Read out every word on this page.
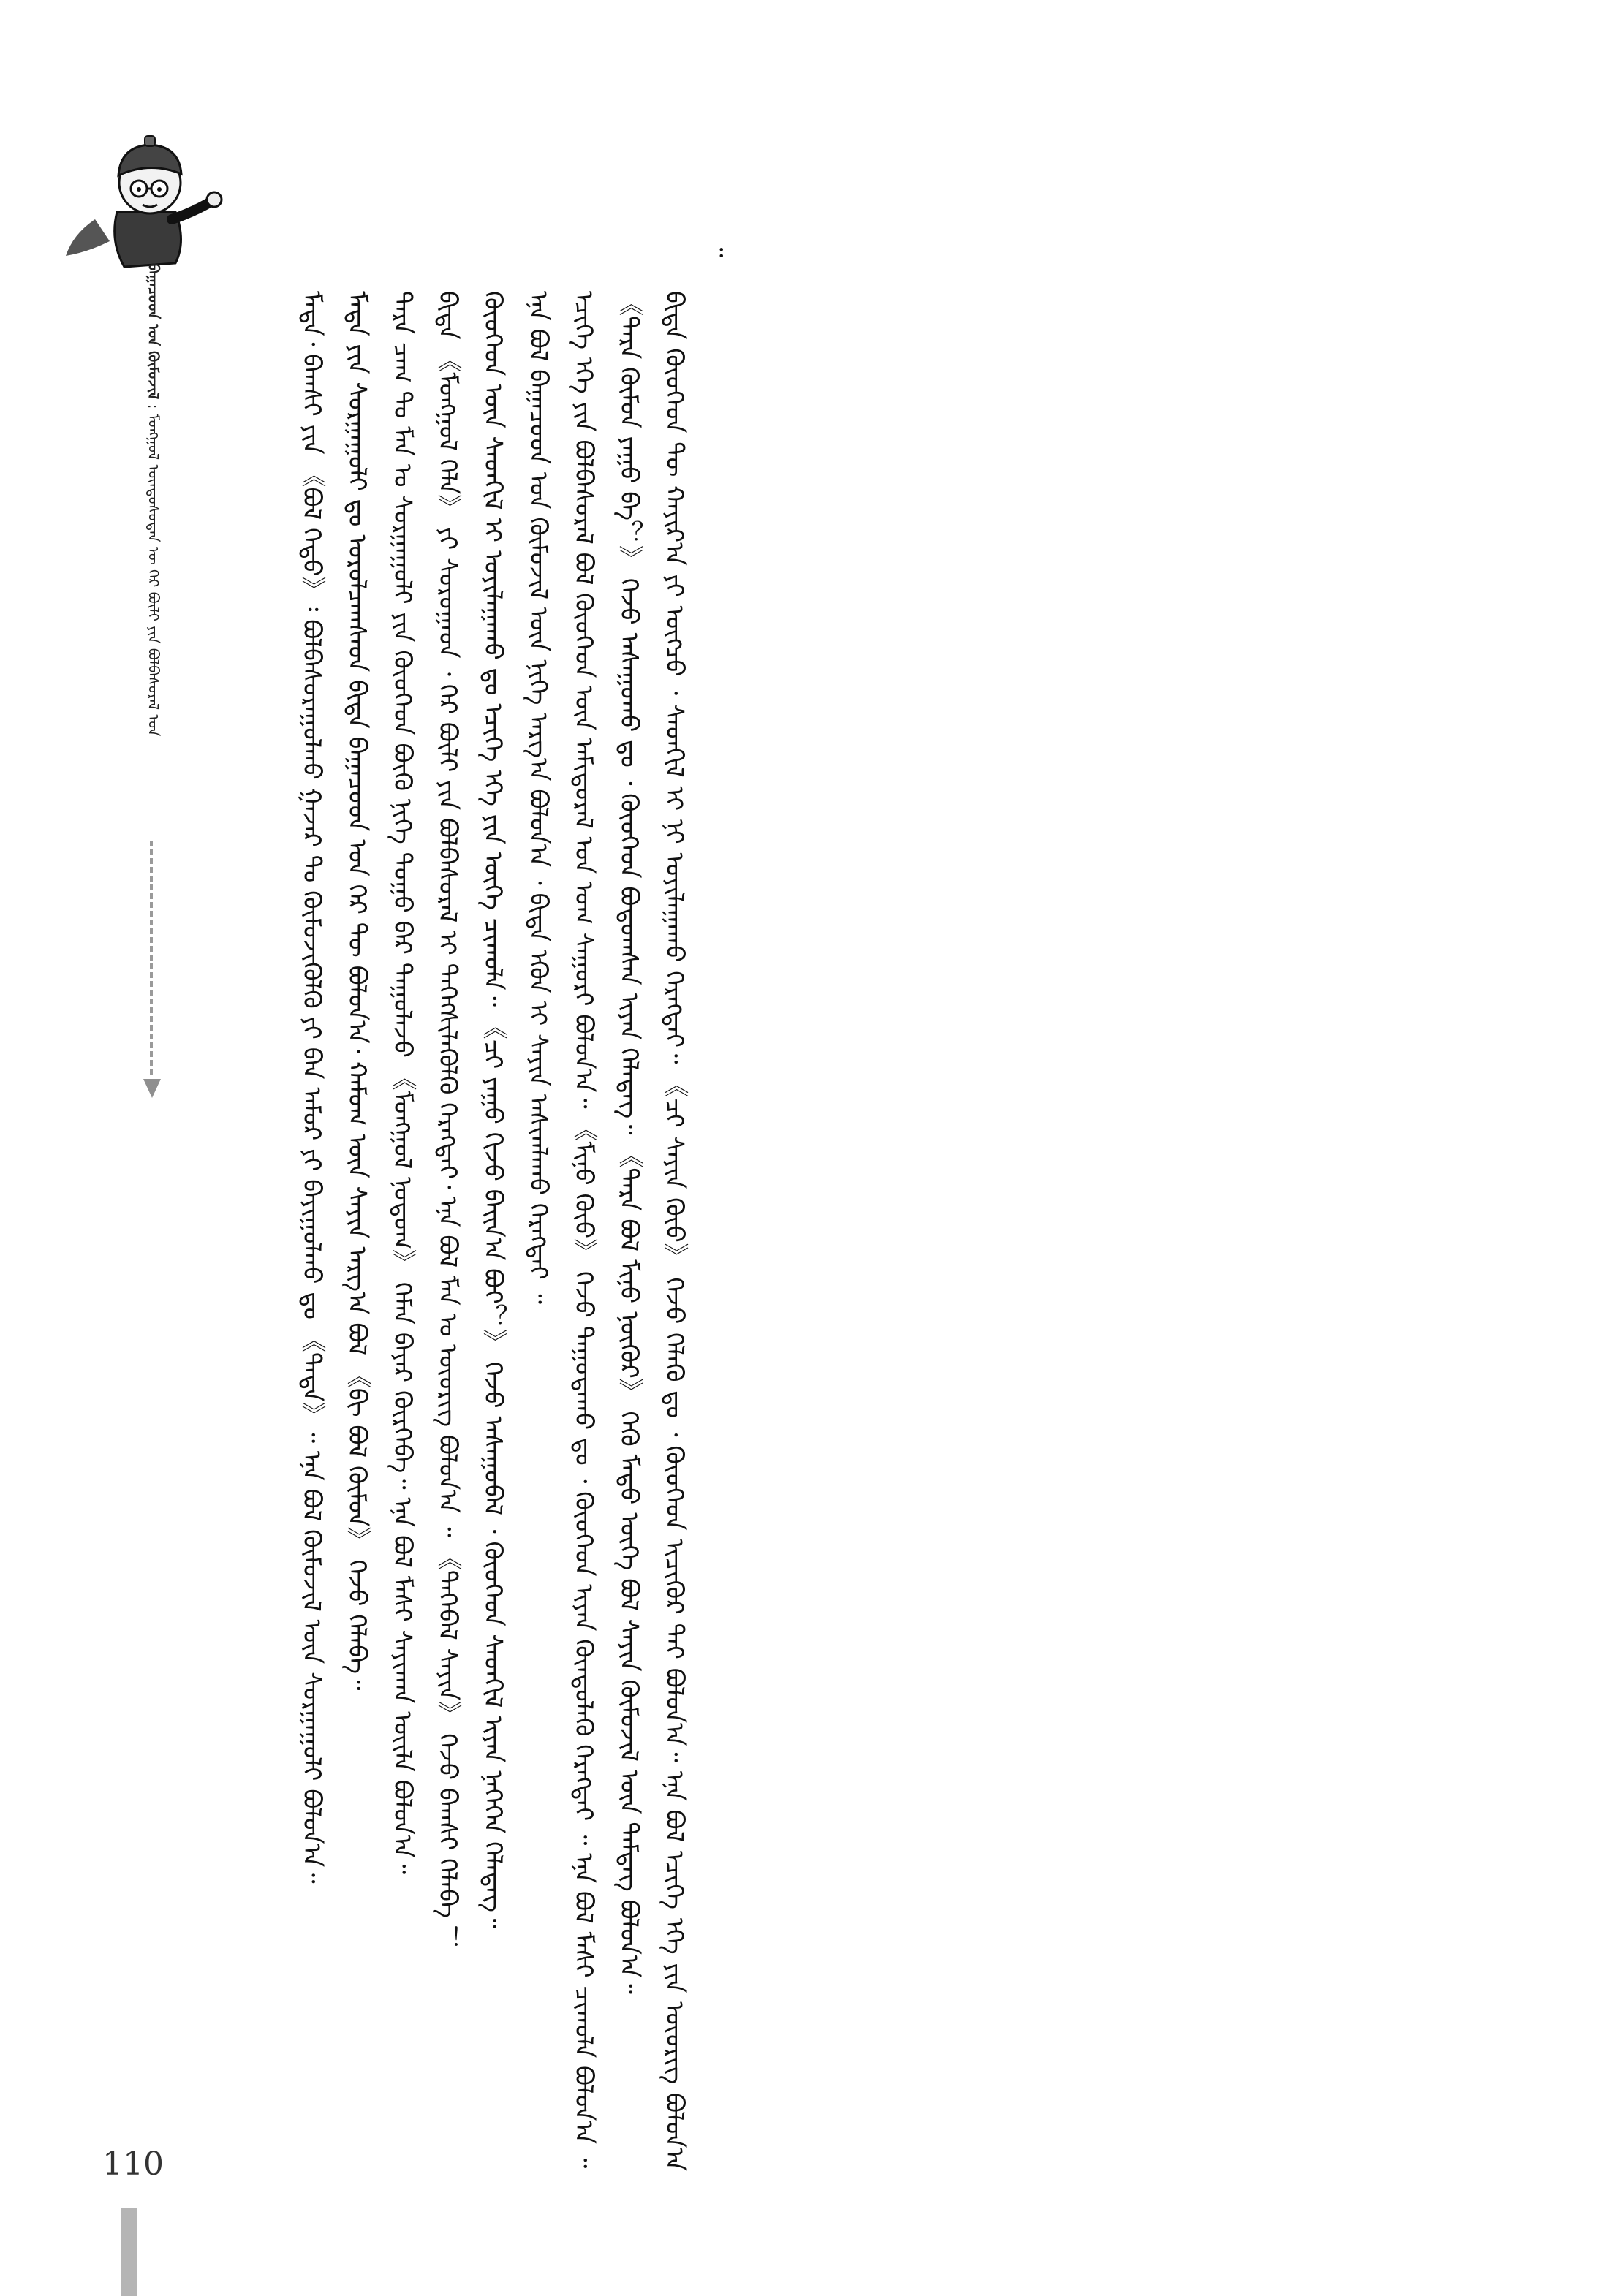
ᠪᠠᠭᠠᠴᠤᠳ ᠤᠨ ᠬᠦᠮᠦᠵᠢᠯ : ᠮᠣᠩᠭᠣᠯ ᠦᠨᠳᠦᠰᠦᠲᠡᠨ ᠦ ᠭᠡᠷ ᠪᠦᠯᠢ ᠶᠢᠨ ᠪᠣᠯᠪᠠᠰᠤᠷᠠᠯ ᠤᠨ	ᠮᠡᠳᠡ᠂ ᠪᠠᠭᠰᠢ ᠶᠢᠨ 《ᠪᠣᠯ ᠬᠡᠳᠦ》᠄ ᠪᠣᠯᠪᠠᠰᠤᠷᠠᠭᠤᠯᠬᠤ ᠭᠠᠵᠠᠷ ᠲᠤ ᠬᠦᠮᠦᠵᠢᠭᠦᠯᠬᠦ ᠶᠢ ᠪᠡᠨ ᠠᠮᠤᠷ ᠶᠢ ᠪᠠᠶᠢᠭᠤᠯᠬᠤ ᠳᠤ 《ᠲᠡᠳᠡ》᠃ ᠡᠨᠡ ᠪᠣᠯ ᠬᠦᠮᠦᠵᠢᠯ ᠦᠨ ᠰᠤᠷᠭᠠᠭᠤᠯᠢ ᠪᠣᠯᠤᠨ᠎ᠠ᠃ ᠮᠡᠳᠡ ᠶᠢᠨ ᠰᠤᠷᠭᠠᠭᠤᠯᠢ ᠳᠤ ᠣᠷᠣᠯᠴᠠᠭᠰᠠᠳ ᠪᠢᠳᠡ ᠪᠠᠭᠠᠴᠤᠳ ᠤᠨ ᠭᠡᠷ ᠲᠦ ᠪᠣᠯᠤᠨ᠎ᠠ᠂ ᠬᠠᠮᠤᠭ ᠦᠨ ᠰᠠᠶᠢᠨ ᠠᠷᠭ᠎ᠠ ᠪᠣᠯ 《ᠪᠢ ᠪᠣᠯ ᠬᠦᠮᠦᠨ》 ᠭᠡᠵᠦ ᠬᠡᠯᠡᠪᠡ᠃ ᠲᠡᠷᠡ ᠴᠠᠭ ᠲᠤ ᠮᠠᠨ ᠤ ᠰᠤᠷᠭᠠᠭᠤᠯᠢ ᠶᠢᠨ ᠬᠦᠦᠬᠡᠳ ᠪᠦᠬᠦ ᠨᠢᠭᠡ ᠳᠤᠭᠤ ᠪᠠᠷ ᠳᠠᠭᠤᠯᠠᠵᠤ 《ᠮᠣᠩᠭᠣᠯ ᠨᠤᠲᠤᠭ》 ᠬᠡᠮᠡᠨ ᠪᠠᠶᠠᠷ ᠬᠦᠷᠭᠡᠪᠡ᠃ ᠡᠨᠡ ᠪᠣᠯ ᠮᠠᠰᠢ ᠰᠠᠶᠢᠬᠠᠨ ᠦᠢᠯᠡ ᠪᠣᠯᠤᠨ᠎ᠠ᠃ ᠪᠢᠳᠡ 《ᠮᠣᠩᠭᠣᠯ ᠬᠡᠯᠡ》 ᠶᠢ ᠰᠤᠷᠤᠭᠠᠳ ᠂ ᠭᠡᠷ ᠪᠦᠯᠢ ᠶᠢᠨ ᠪᠣᠯᠪᠠᠰᠤᠷᠠᠯ ᠢ ᠳᠡᠭᠡᠭᠰᠢᠯᠡᠭᠦᠯᠬᠦ ᠬᠡᠷᠡᠭᠲᠡᠢ᠂ ᠡᠨᠡ ᠪᠣᠯ ᠮᠠᠨ ᠤ ᠦᠦᠷᠢᠭ ᠪᠣᠯᠤᠨ᠎ᠠ ᠃ 《ᠲᠡᠭᠡᠪᠡᠯ ᠰᠠᠶᠢᠨ》 ᠭᠡᠵᠦ ᠪᠠᠭᠰᠢ ᠬᠡᠯᠡᠪᠡ ！ ᠬᠦᠦᠬᠡᠳ ᠦᠨ ᠰᠡᠳᠬᠢᠯ ᠢ ᠣᠶᠢᠯᠠᠭᠠᠬᠤ ᠳᠤ ᠡᠴᠢᠭᠡ ᠡᠬᠡ ᠶᠢᠨ ᠦᠭᠡ ᠴᠢᠬᠤᠯᠠ᠃ 《ᠴᠢ ᠶᠠᠭᠤ ᠬᠢᠵᠦ ᠪᠠᠢᠨ᠎ᠠ ᠪᠤᠢ？》 ᠭᠡᠵᠦ ᠠᠰᠠᠭᠤᠪᠠᠯ ᠂ ᠬᠦᠦᠬᠡᠳ ᠰᠡᠳᠬᠢᠯ ᠢᠶᠡᠨ ᠨᠡᠭᠡᠭᠡᠨ ᠬᠡᠯᠡᠳᠡᠭ᠃ ᠡᠨᠡ ᠪᠣᠯ ᠪᠠᠭᠠᠴᠤᠳ ᠤᠨ ᠬᠦᠮᠦᠵᠢᠯ ᠦᠨ ᠨᠢᠭᠡ ᠠᠷᠭ᠎ᠠ ᠪᠣᠯᠤᠨ᠎ᠠ ᠂ ᠪᠢᠳᠡ ᠡᠭᠦᠨ ᠢ ᠰᠠᠶᠢᠨ ᠠᠰᠢᠭᠯᠠᠬᠤ ᠬᠡᠷᠡᠭᠲᠡᠢ ᠃ ᠡᠴᠢᠭᠡ ᠡᠬᠡ ᠶᠢᠨ ᠪᠣᠯᠪᠠᠰᠤᠷᠠᠯ ᠪᠣᠯ ᠬᠦᠦᠬᠡᠳ ᠦᠨ ᠠᠮᠢᠳᠤᠷᠠᠯ ᠤᠨ ᠤᠭ ᠰᠠᠭᠤᠷᠢ ᠪᠣᠯᠤᠨ᠎ᠠ᠃ 《ᠮᠢᠨᠤ ᠬᠦᠦ》 ᠭᠡᠵᠦ ᠳᠠᠭᠤᠳᠠᠬᠤ ᠳᠤ ᠂ ᠬᠦᠦᠬᠡᠳ ᠢᠶᠡᠨ ᠬᠦᠨᠳᠦᠯᠡᠬᠦ ᠬᠡᠷᠡᠭᠲᠡᠢ ᠃ ᠡᠨᠡ ᠪᠣᠯ ᠮᠠᠰᠢ ᠴᠢᠬᠤᠯᠠ ᠪᠣᠯᠤᠨ᠎ᠠ ᠃ 《ᠲᠡᠷᠡ ᠬᠦᠮᠦᠨ ᠶᠠᠭᠤ ᠪᠡ？》 ᠭᠡᠵᠦ ᠠᠰᠠᠭᠤᠬᠤ ᠳᠤ ᠂ ᠬᠦᠦᠬᠡᠳ ᠪᠣᠳᠤᠭᠰᠠᠨ ᠢᠶᠡᠨ ᠬᠡᠯᠡᠳᠡᠭ᠃ 《ᠲᠡᠷᠡ ᠪᠣᠯ ᠮᠢᠨᠤ ᠨᠥᠬᠥᠷ》 ᠭᠡᠬᠦ ᠮᠡᠳᠦ ᠦᠭᠡ ᠪᠣᠯ ᠰᠠᠶᠢᠨ ᠬᠦᠮᠦᠵᠢᠯ ᠦᠨ ᠲᠡᠮᠳᠡᠭ ᠪᠣᠯᠤᠨ᠎ᠠ᠃ ᠪᠢᠳᠡ ᠬᠦᠦᠬᠡᠳ ᠲᠦ ᠬᠠᠶᠢᠷ᠎ᠠ ᠶᠢ ᠥᠭᠴᠦ ᠂ ᠰᠡᠳᠬᠢᠯ ᠢ ᠨᠢ ᠣᠶᠢᠯᠠᠭᠠᠬᠤ ᠬᠡᠷᠡᠭᠲᠡᠢ᠃ 《ᠴᠢ ᠰᠠᠶᠢᠨ ᠬᠦᠦ》 ᠭᠡᠵᠦ ᠬᠡᠯᠡᠬᠦ ᠳᠤ ᠂ ᠬᠦᠦᠬᠡᠳ ᠢᠴᠢᠭᠦᠷ ᠲᠡᠢ ᠪᠣᠯᠤᠨ᠎ᠠ᠃ ᠡᠨᠡ ᠪᠣᠯ ᠡᠴᠢᠭᠡ ᠡᠬᠡ ᠶᠢᠨ ᠦᠦᠷᠢᠭ ᠪᠣᠯᠤᠨ᠎ᠠ ᠃

110
